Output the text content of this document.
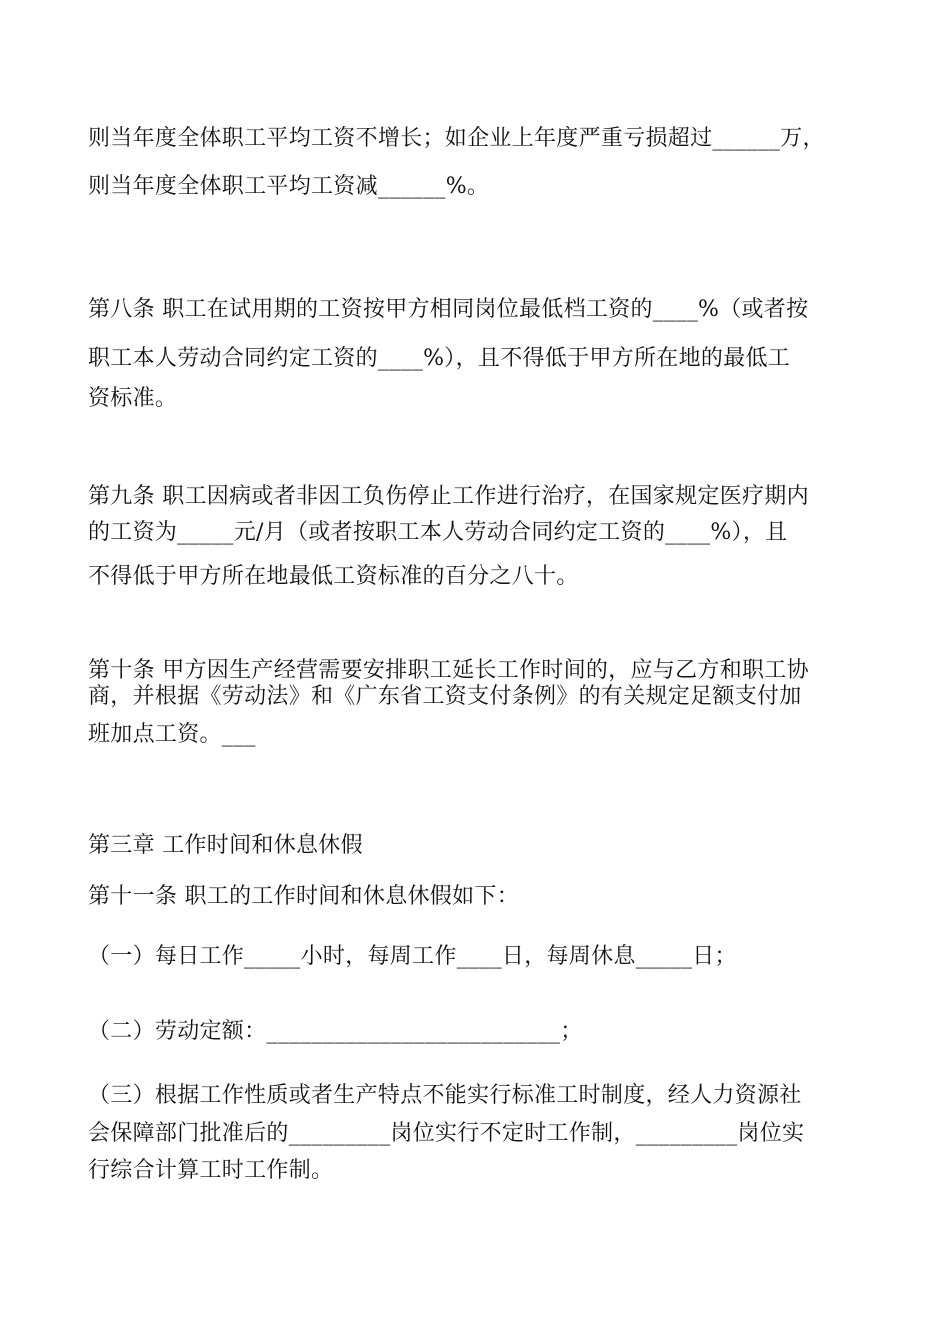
则当年度全体职工平均工资不增长；如企业上年度严重亏损超过______万，
则当年度全体职工平均工资减______%。
第八条 职工在试用期的工资按甲方相同岗位最低档工资的____%（或者按
职工本人劳动合同约定工资的____%），且不得低于甲方所在地的最低工
资标准。
第九条 职工因病或者非因工负伤停止工作进行治疗，在国家规定医疗期内
的工资为_____元/月（或者按职工本人劳动合同约定工资的____%），且
不得低于甲方所在地最低工资标准的百分之八十。
第十条 甲方因生产经营需要安排职工延长工作时间的，应与乙方和职工协
商，并根据《劳动法》和《广东省工资支付条例》的有关规定足额支付加
班加点工资。___
第三章 工作时间和休息休假
第十一条 职工的工作时间和休息休假如下：
（一）每日工作_____小时，每周工作____日，每周休息_____日；
（二）劳动定额：__________________________；
（三）根据工作性质或者生产特点不能实行标准工时制度，经人力资源社
会保障部门批准后的_________岗位实行不定时工作制，_________岗位实
行综合计算工时工作制。
